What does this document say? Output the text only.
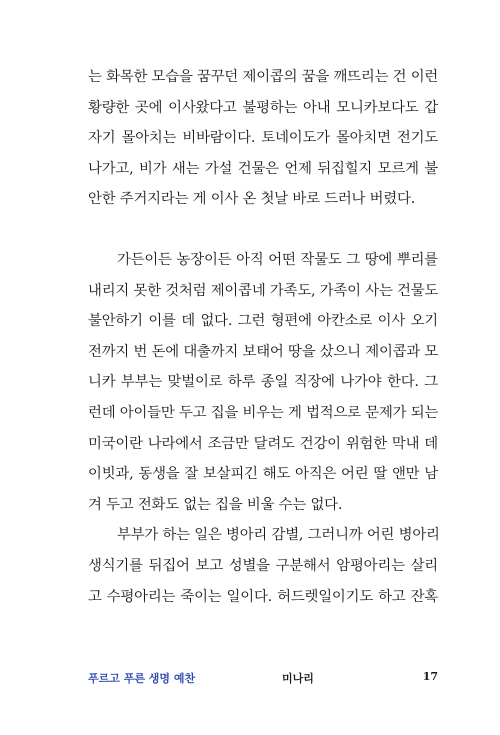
는 화목한 모습을 꿈꾸던 제이콥의 꿈을 깨뜨리는 건 이런
황량한 곳에 이사왔다고 불평하는 아내 모니카보다도 갑
자기 몰아치는 비바람이다. 토네이도가 몰아치면 전기도
나가고, 비가 새는 가설 건물은 언제 뒤집힐지 모르게 불
안한 주거지라는 게 이사 온 첫날 바로 드러나 버렸다.
가든이든 농장이든 아직 어떤 작물도 그 땅에 뿌리를
내리지 못한 것처럼 제이콥네 가족도, 가족이 사는 건물도
불안하기 이를 데 없다. 그런 형편에 아칸소로 이사 오기
전까지 번 돈에 대출까지 보태어 땅을 샀으니 제이콥과 모
니카 부부는 맞벌이로 하루 종일 직장에 나가야 한다. 그
런데 아이들만 두고 집을 비우는 게 법적으로 문제가 되는
미국이란 나라에서 조금만 달려도 건강이 위험한 막내 데
이빗과, 동생을 잘 보살피긴 해도 아직은 어린 딸 앤만 남
겨 두고 전화도 없는 집을 비울 수는 없다.
부부가 하는 일은 병아리 감별, 그러니까 어린 병아리
생식기를 뒤집어 보고 성별을 구분해서 암평아리는 살리
고 수평아리는 죽이는 일이다. 허드렛일이기도 하고 잔혹
푸르고 푸른 생명 예찬	미나리	17
